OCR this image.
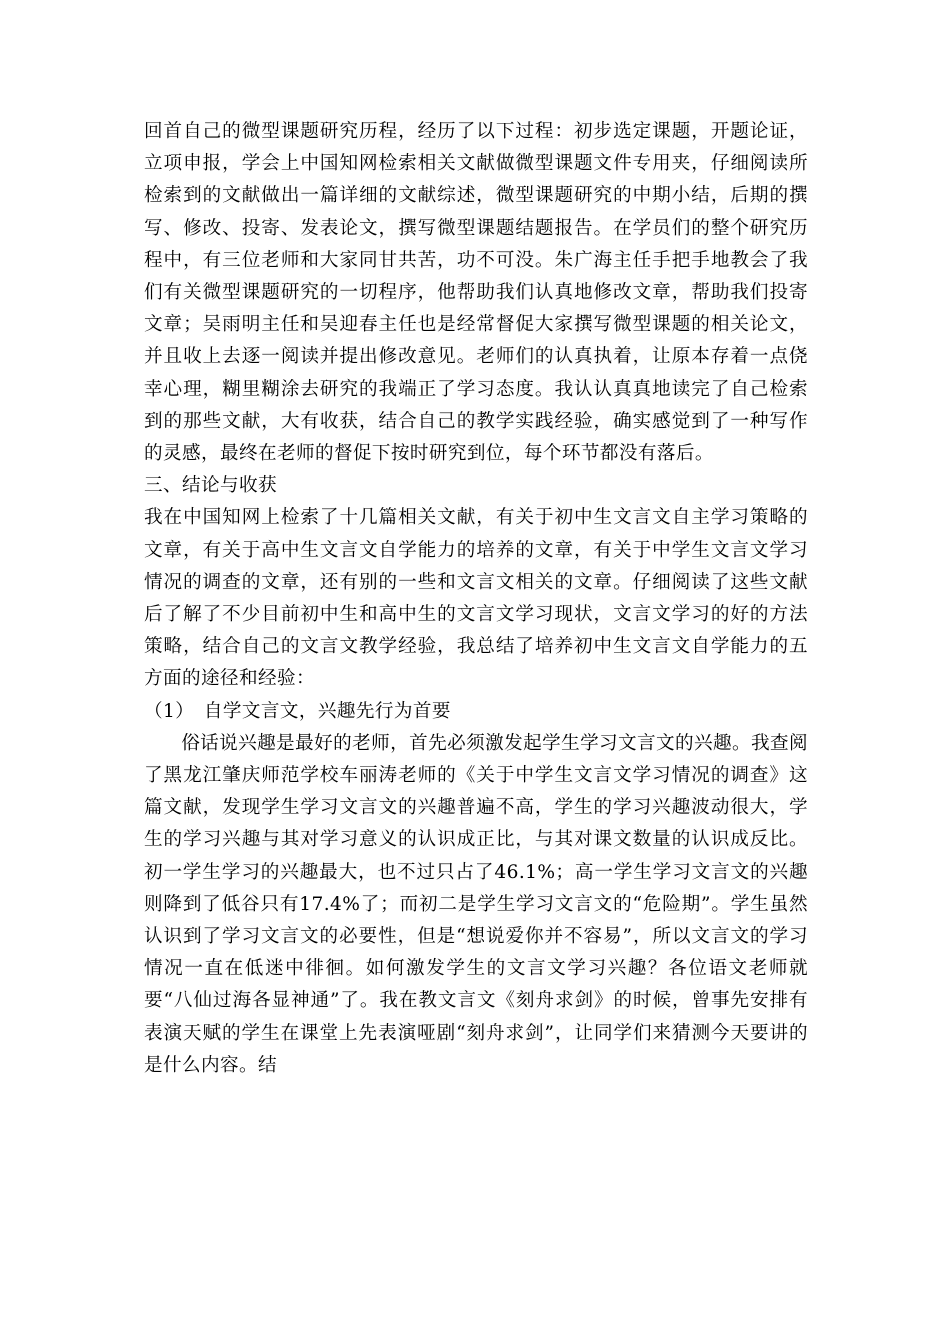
回首自己的微型课题研究历程，经历了以下过程：初步选定课题，开题论证，立项申报，学会上中国知网检索相关文献做微型课题文件专用夹，仔细阅读所检索到的文献做出一篇详细的文献综述，微型课题研究的中期小结，后期的撰写、修改、投寄、发表论文，撰写微型课题结题报告。在学员们的整个研究历程中，有三位老师和大家同甘共苦，功不可没。朱广海主任手把手地教会了我们有关微型课题研究的一切程序，他帮助我们认真地修改文章，帮助我们投寄文章；吴雨明主任和吴迎春主任也是经常督促大家撰写微型课题的相关论文，并且收上去逐一阅读并提出修改意见。老师们的认真执着，让原本存着一点侥幸心理，糊里糊涂去研究的我端正了学习态度。我认认真真地读完了自己检索到的那些文献，大有收获，结合自己的教学实践经验，确实感觉到了一种写作的灵感，最终在老师的督促下按时研究到位，每个环节都没有落后。

三、结论与收获

我在中国知网上检索了十几篇相关文献，有关于初中生文言文自主学习策略的文章，有关于高中生文言文自学能力的培养的文章，有关于中学生文言文学习情况的调查的文章，还有别的一些和文言文相关的文章。仔细阅读了这些文献后了解了不少目前初中生和高中生的文言文学习现状，文言文学习的好的方法策略，结合自己的文言文教学经验，我总结了培养初中生文言文自学能力的五方面的途径和经验：

（1）　自学文言文，兴趣先行为首要

俗话说兴趣是最好的老师，首先必须激发起学生学习文言文的兴趣。我查阅了黑龙江肇庆师范学校车丽涛老师的《关于中学生文言文学习情况的调查》这篇文献，发现学生学习文言文的兴趣普遍不高，学生的学习兴趣波动很大，学生的学习兴趣与其对学习意义的认识成正比，与其对课文数量的认识成反比。初一学生学习的兴趣最大，也不过只占了46.1%；高一学生学习文言文的兴趣则降到了低谷只有17.4%了；而初二是学生学习文言文的“危险期”。学生虽然认识到了学习文言文的必要性，但是“想说爱你并不容易”，所以文言文的学习情况一直在低迷中徘徊。如何激发学生的文言文学习兴趣？各位语文老师就要“八仙过海各显神通”了。我在教文言文《刻舟求剑》的时候，曾事先安排有表演天赋的学生在课堂上先表演哑剧“刻舟求剑”，让同学们来猜测今天要讲的是什么内容。结
